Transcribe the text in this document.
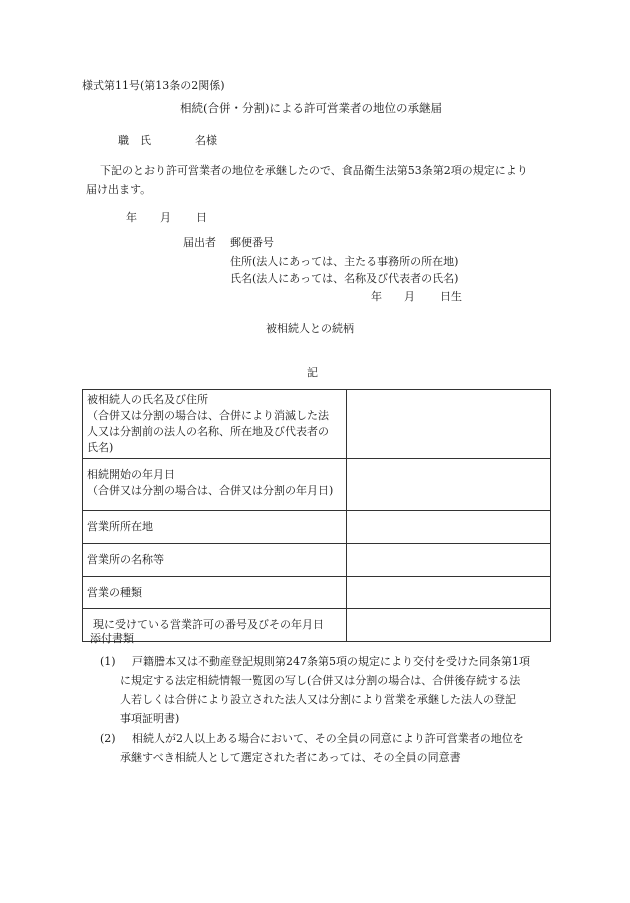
様式第11号(第13条の2関係)
相続(合併・分割)による許可営業者の地位の承継届
職 氏	名様
下記のとおり許可営業者の地位を承継したので、食品衛生法第53条第2項の規定により
届け出ます。
年 月 日
届出者 郵便番号
住所(法人にあっては、主たる事務所の所在地)
氏名(法人にあっては、名称及び代表者の氏名)
年 月 日生
被相続人との続柄
記
被相続人の氏名及び住所
（合併又は分割の場合は、合併により消滅した法
人又は分割前の法人の名称、所在地及び代表者の
氏名)	

相続開始の年月日
（合併又は分割の場合は、合併又は分割の年月日)	

営業所所在地	
営業所の名称等	
営業の種類	
現に受けている営業許可の番号及びその年月日	
添付書類
(1) 戸籍謄本又は不動産登記規則第247条第5項の規定により交付を受けた同条第1項
に規定する法定相続情報一覧図の写し(合併又は分割の場合は、合併後存続する法
人若しくは合併により設立された法人又は分割により営業を承継した法人の登記
事項証明書)
(2) 相続人が2人以上ある場合において、その全員の同意により許可営業者の地位を
承継すべき相続人として選定された者にあっては、その全員の同意書
